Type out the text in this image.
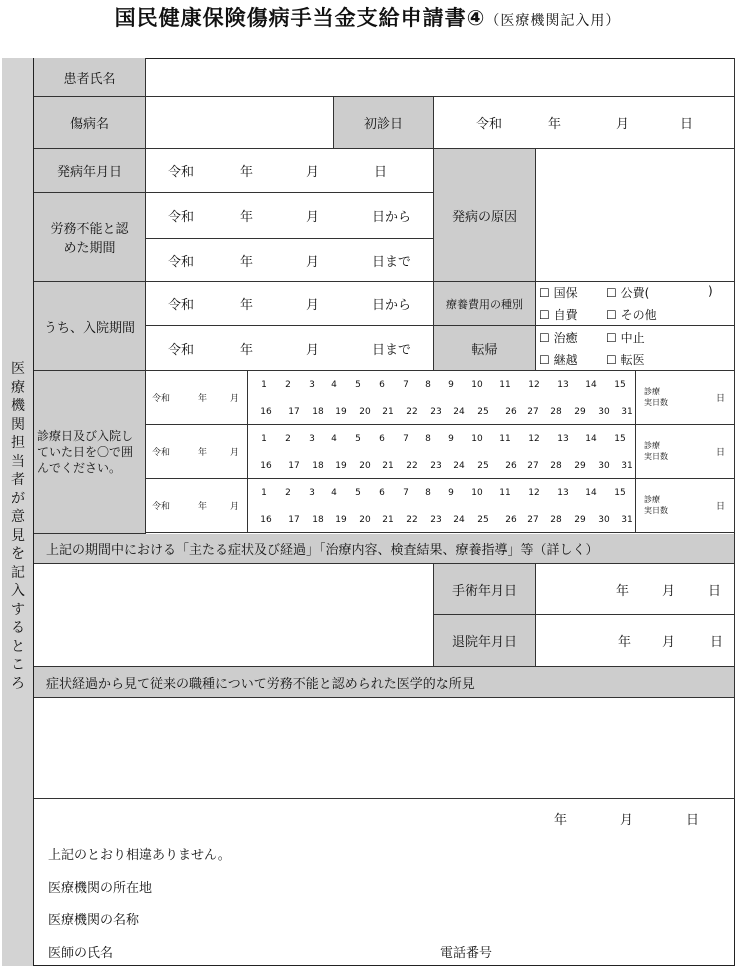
国民健康保険傷病手当金支給申請書④（医療機関記入用）
医療機関担当者が意見を記入するところ
患者氏名
傷病名	初診日	令和	年	月	日
発病年月日	令和	年	月	日
発病の原因
労務不能と認めた期間
令和	年	月	日から
令和	年	月	日まで
うち、入院期間
令和	年	月	日から
令和	年	月	日まで
療養費用の種別
☐ 国保 ☐ 公費(	)
☐ 自費 ☐ その他
転帰
☐ 治癒 ☐ 中止
☐ 継越 ☐ 転医
診療日及び入院していた日を〇で囲んでください。
令和	年	月
1 2 3 4 5 6 7 8 9 10 11 12 13 14 15
16 17 18 19 20 21 22 23 24 25 26 27 28 29 30 31
診療
実日数	日
令和	年	月
1 2 3 4 5 6 7 8 9 10 11 12 13 14 15
16 17 18 19 20 21 22 23 24 25 26 27 28 29 30 31
診療
実日数	日
令和	年	月
1 2 3 4 5 6 7 8 9 10 11 12 13 14 15
16 17 18 19 20 21 22 23 24 25 26 27 28 29 30 31
診療
実日数	日
上記の期間中における「主たる症状及び経過」「治療内容、検査結果、療養指導」等（詳しく）
手術年月日	年	月	日
退院年月日	年 月	日
症状経過から見て従来の職種について労務不能と認められた医学的な所見
年	月	日
上記のとおり相違ありません。
医療機関の所在地
医療機関の名称
医師の氏名	電話番号
